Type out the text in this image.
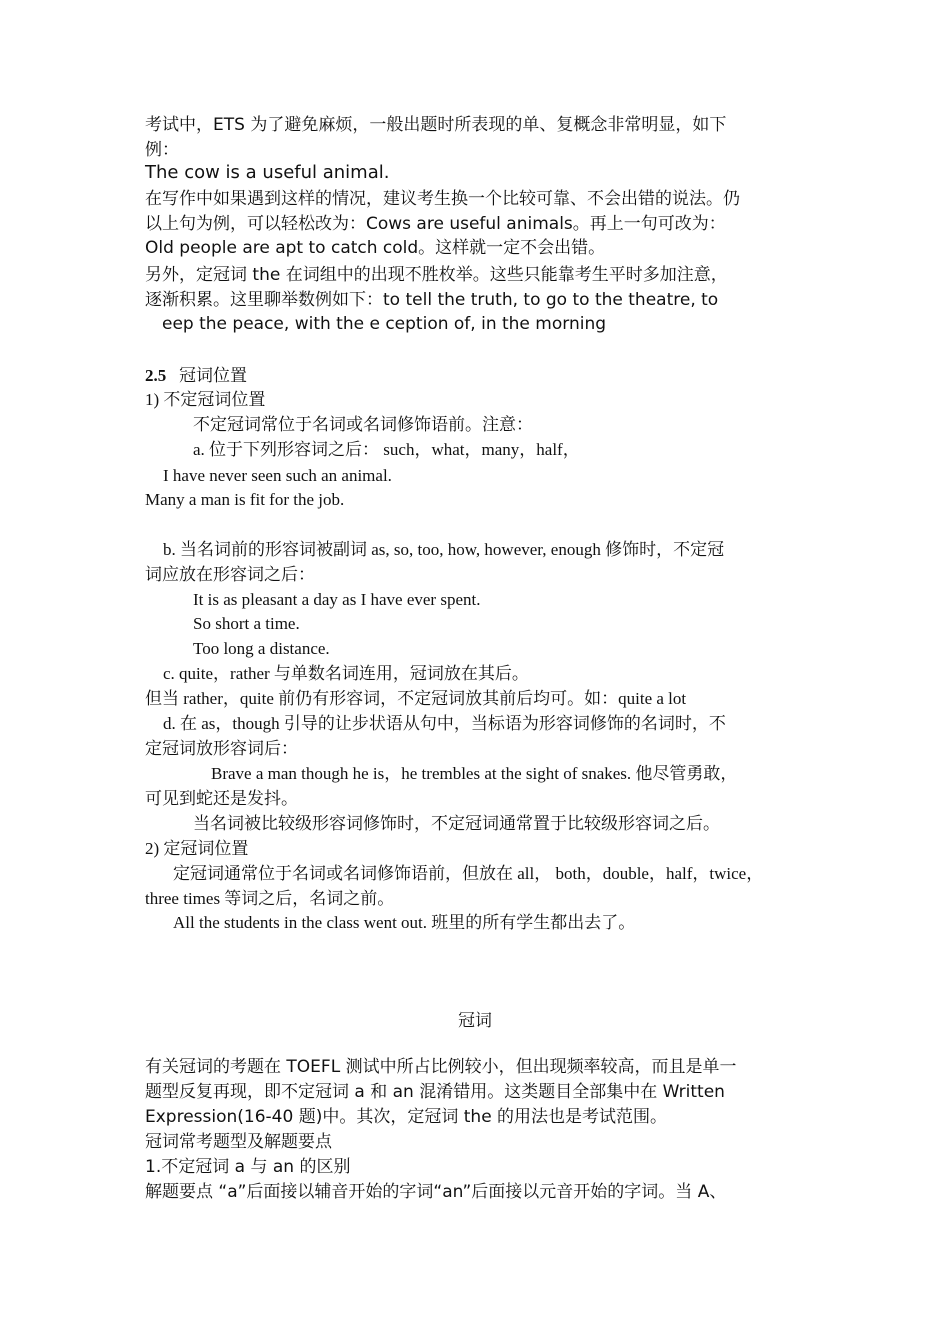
考试中，ETS 为了避免麻烦，一般出题时所表现的单、复概念非常明显，如下
例：
The cow is a useful animal.
在写作中如果遇到这样的情况，建议考生换一个比较可靠、不会出错的说法。仍
以上句为例，可以轻松改为：Cows are useful animals。再上一句可改为：
Old people are apt to catch cold。这样就一定不会出错。
另外，定冠词 the 在词组中的出现不胜枚举。这些只能靠考生平时多加注意，
逐渐积累。这里聊举数例如下：to tell the truth, to go to the theatre, to
eep the peace, with the e ception of, in the morning
2.5 冠词位置
1) 不定冠词位置
不定冠词常位于名词或名词修饰语前。注意：
a. 位于下列形容词之后： such，what，many，half，
I have never seen such an animal.
Many a man is fit for the job.
b. 当名词前的形容词被副词 as, so, too, how, however, enough 修饰时，不定冠
词应放在形容词之后：
It is as pleasant a day as I have ever spent.
So short a time.
Too long a distance.
c. quite，rather 与单数名词连用，冠词放在其后。
但当 rather，quite 前仍有形容词，不定冠词放其前后均可。如：quite a lot
d. 在 as，though 引导的让步状语从句中，当标语为形容词修饰的名词时，不
定冠词放形容词后：
Brave a man though he is，he trembles at the sight of snakes. 他尽管勇敢，
可见到蛇还是发抖。
当名词被比较级形容词修饰时，不定冠词通常置于比较级形容词之后。
2) 定冠词位置
定冠词通常位于名词或名词修饰语前，但放在 all， both，double，half，twice，
three times 等词之后，名词之前。
All the students in the class went out. 班里的所有学生都出去了。
冠词
有关冠词的考题在 TOEFL 测试中所占比例较小，但出现频率较高，而且是单一
题型反复再现，即不定冠词 a 和 an 混淆错用。这类题目全部集中在 Written
Expression(16-40 题)中。其次，定冠词 the 的用法也是考试范围。
冠词常考题型及解题要点
1.不定冠词 a 与 an 的区别
解题要点 “a”后面接以辅音开始的字词“an”后面接以元音开始的字词。当 A、
